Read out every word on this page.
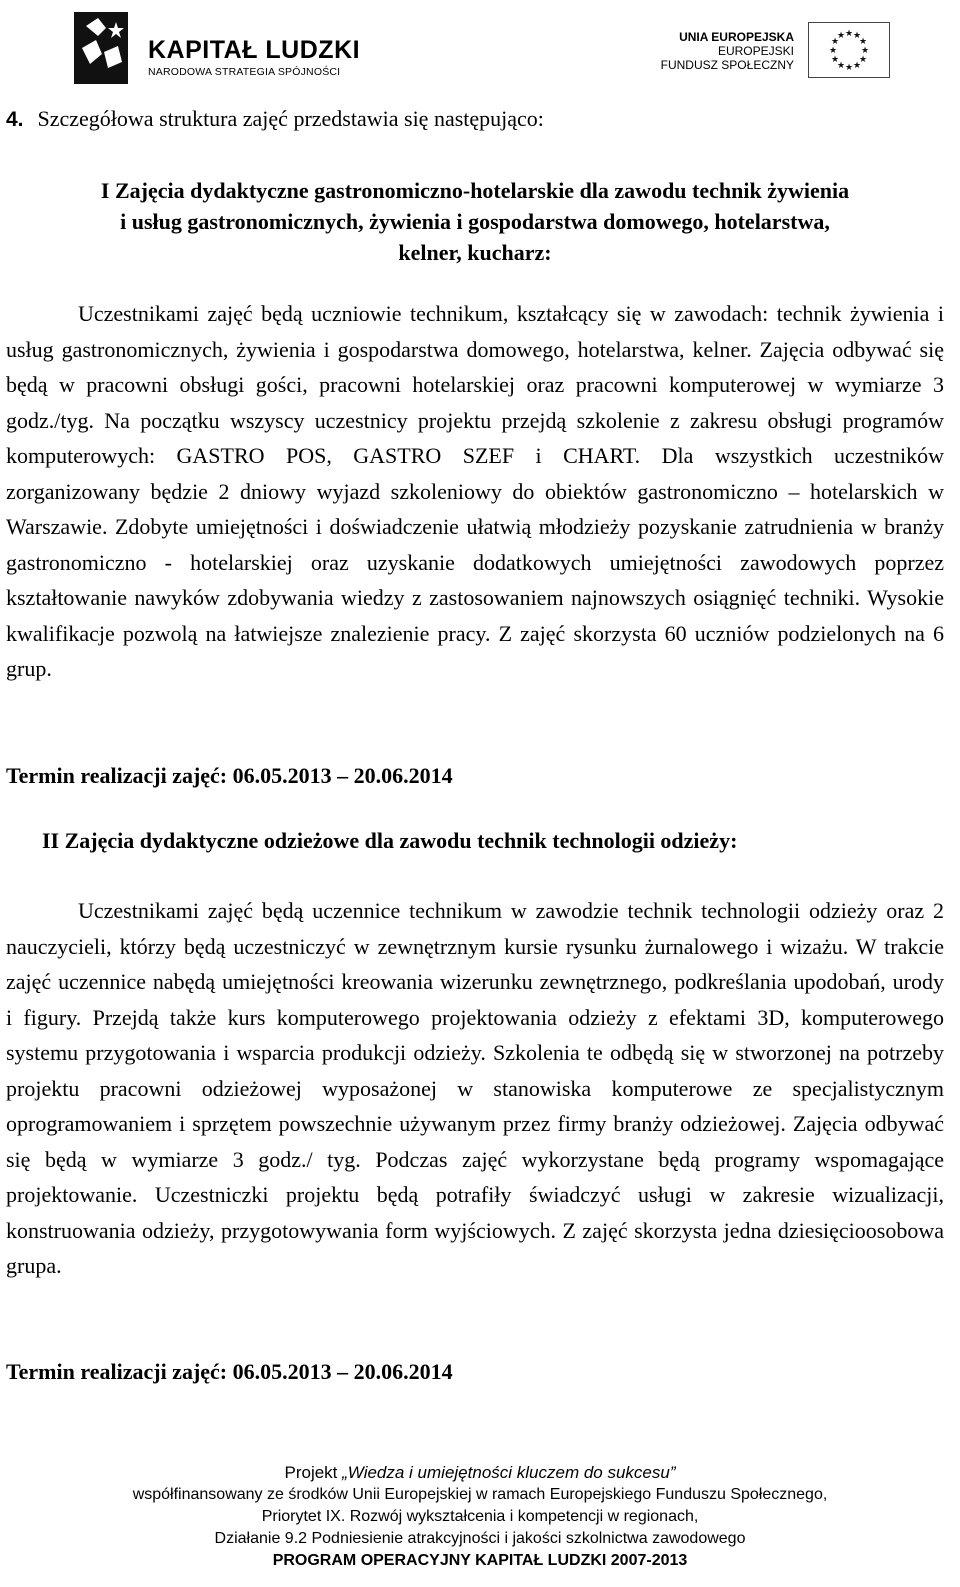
KAPITAŁ LUDZKI
NARODOWA STRATEGIA SPÓJNOŚCI
UNIA EUROPEJSKA
EUROPEJSKI
FUNDUSZ SPOŁECZNY
★ ★
★
★
★
★
★
★
★
★
★
★
4. Szczegółowa struktura zajęć przedstawia się następująco:
I Zajęcia dydaktyczne gastronomiczno-hotelarskie dla zawodu technik żywienia
i usług gastronomicznych, żywienia i gospodarstwa domowego, hotelarstwa,
kelner, kucharz:
Uczestnikami zajęć będą uczniowie technikum, kształcący się w zawodach: technik żywienia i usług gastronomicznych, żywienia i gospodarstwa domowego, hotelarstwa, kelner. Zajęcia odbywać się będą w pracowni obsługi gości, pracowni hotelarskiej oraz pracowni komputerowej w wymiarze 3 godz./tyg. Na początku wszyscy uczestnicy projektu przejdą szkolenie z zakresu obsługi programów komputerowych: GASTRO POS, GASTRO SZEF i CHART. Dla wszystkich uczestników zorganizowany będzie 2 dniowy wyjazd szkoleniowy do obiektów gastronomiczno – hotelarskich w Warszawie. Zdobyte umiejętności i doświadczenie ułatwią młodzieży pozyskanie zatrudnienia w branży gastronomiczno - hotelarskiej oraz uzyskanie dodatkowych umiejętności zawodowych poprzez kształtowanie nawyków zdobywania wiedzy z zastosowaniem najnowszych osiągnięć techniki. Wysokie kwalifikacje pozwolą na łatwiejsze znalezienie pracy. Z zajęć skorzysta 60 uczniów podzielonych na 6 grup.
Termin realizacji zajęć: 06.05.2013 – 20.06.2014
II Zajęcia dydaktyczne odzieżowe dla zawodu technik technologii odzieży:
Uczestnikami zajęć będą uczennice technikum w zawodzie technik technologii odzieży oraz 2 nauczycieli, którzy będą uczestniczyć w zewnętrznym kursie rysunku żurnalowego i wizażu. W trakcie zajęć uczennice nabędą umiejętności kreowania wizerunku zewnętrznego, podkreślania upodobań, urody i figury. Przejdą także kurs komputerowego projektowania odzieży z efektami 3D, komputerowego systemu przygotowania i wsparcia produkcji odzieży. Szkolenia te odbędą się w stworzonej na potrzeby projektu pracowni odzieżowej wyposażonej w stanowiska komputerowe ze specjalistycznym oprogramowaniem i sprzętem powszechnie używanym przez firmy branży odzieżowej. Zajęcia odbywać się będą w wymiarze 3 godz./ tyg. Podczas zajęć wykorzystane będą programy wspomagające projektowanie. Uczestniczki projektu będą potrafiły świadczyć usługi w zakresie wizualizacji, konstruowania odzieży, przygotowywania form wyjściowych. Z zajęć skorzysta jedna dziesięcioosobowa grupa.
Termin realizacji zajęć: 06.05.2013 – 20.06.2014
Projekt „Wiedza i umiejętności kluczem do sukcesu”
współfinansowany ze środków Unii Europejskiej w ramach Europejskiego Funduszu Społecznego,
Priorytet IX. Rozwój wykształcenia i kompetencji w regionach,
Działanie 9.2 Podniesienie atrakcyjności i jakości szkolnictwa zawodowego
PROGRAM OPERACYJNY KAPITAŁ LUDZKI 2007-2013
